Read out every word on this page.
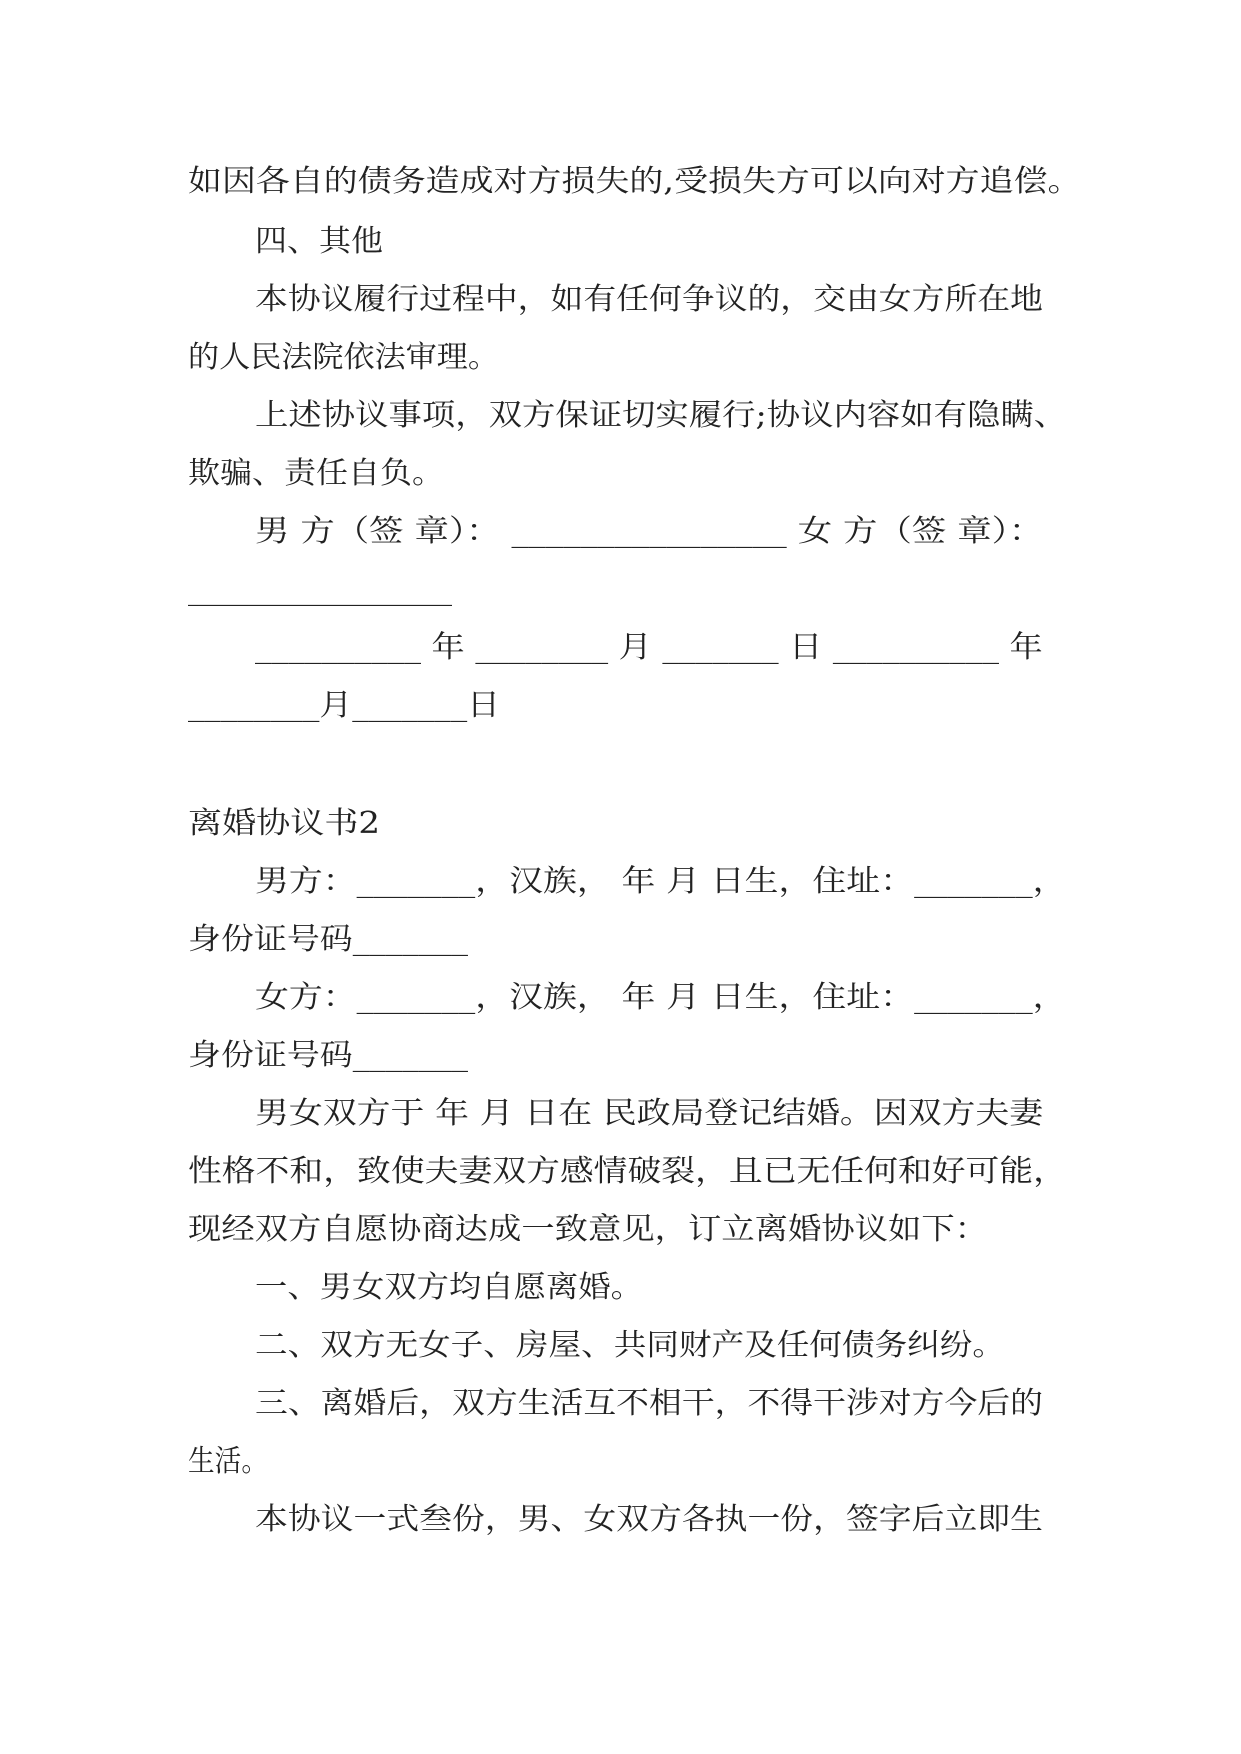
如因各自的债务造成对方损失的,受损失方可以向对方追偿。
四、其他
本协议履行过程中，如有任何争议的，交由女方所在地
的人民法院依法审理。
上述协议事项，双方保证切实履行;协议内容如有隐瞒、
欺骗、责任自负。
男 方（签 章）： ________________ 女 方（签 章）：
________________
__________ 年 ________ 月 _______ 日 __________ 年
________月_______日
离婚协议书2
男方：_______，汉族， 年 月 日生，住址：_______，
身份证号码_______
女方：_______，汉族， 年 月 日生，住址：_______，
身份证号码_______
男女双方于 年 月 日在 民政局登记结婚。因双方夫妻
性格不和，致使夫妻双方感情破裂，且已无任何和好可能，
现经双方自愿协商达成一致意见，订立离婚协议如下：
一、男女双方均自愿离婚。
二、双方无女子、房屋、共同财产及任何债务纠纷。
三、离婚后，双方生活互不相干，不得干涉对方今后的
生活。
本协议一式叁份，男、女双方各执一份，签字后立即生
